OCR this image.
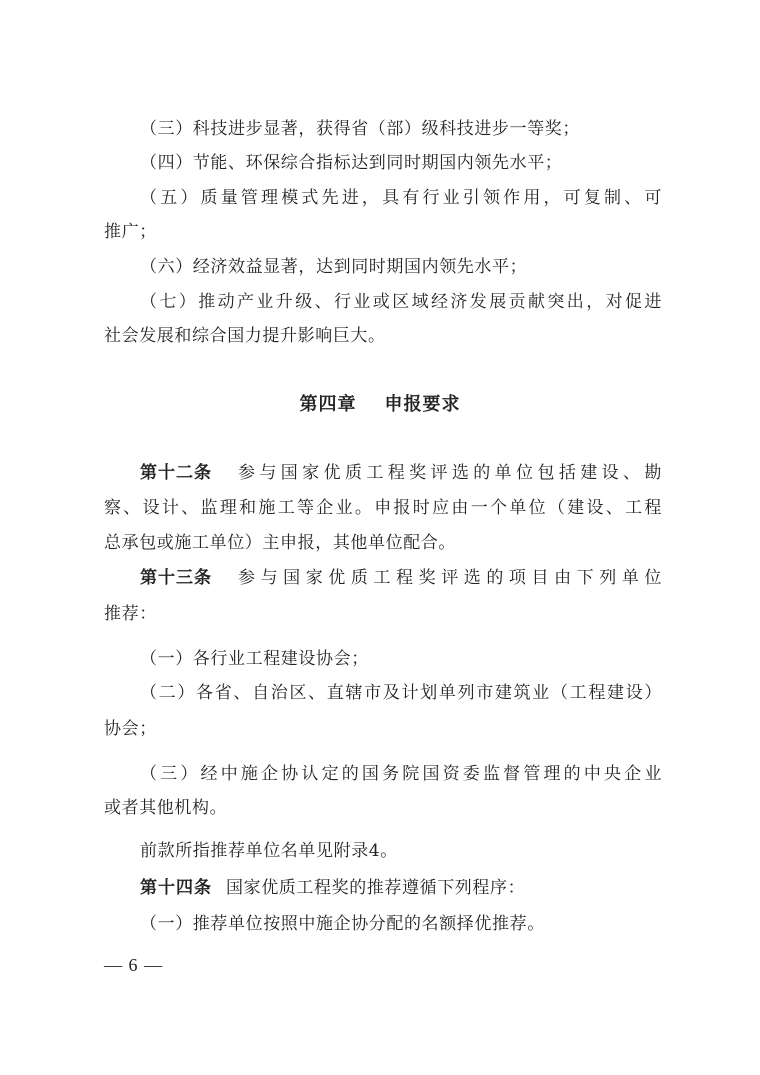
（三）科技进步显著，获得省（部）级科技进步一等奖；
（四）节能、环保综合指标达到同时期国内领先水平；
（五）质量管理模式先进，具有行业引领作用，可复制、可
推广；
（六）经济效益显著，达到同时期国内领先水平；
（七）推动产业升级、行业或区域经济发展贡献突出，对促进
社会发展和综合国力提升影响巨大。
第四章 申报要求
第十二条 参与国家优质工程奖评选的单位包括建设、勘
察、设计、监理和施工等企业。申报时应由一个单位（建设、工程
总承包或施工单位）主申报，其他单位配合。
第十三条 参与国家优质工程奖评选的项目由下列单位
推荐：
（一）各行业工程建设协会；
（二）各省、自治区、直辖市及计划单列市建筑业（工程建设）
协会；
（三）经中施企协认定的国务院国资委监督管理的中央企业
或者其他机构。
前款所指推荐单位名单见附录4。
第十四条 国家优质工程奖的推荐遵循下列程序：
（一）推荐单位按照中施企协分配的名额择优推荐。
— 6 —
